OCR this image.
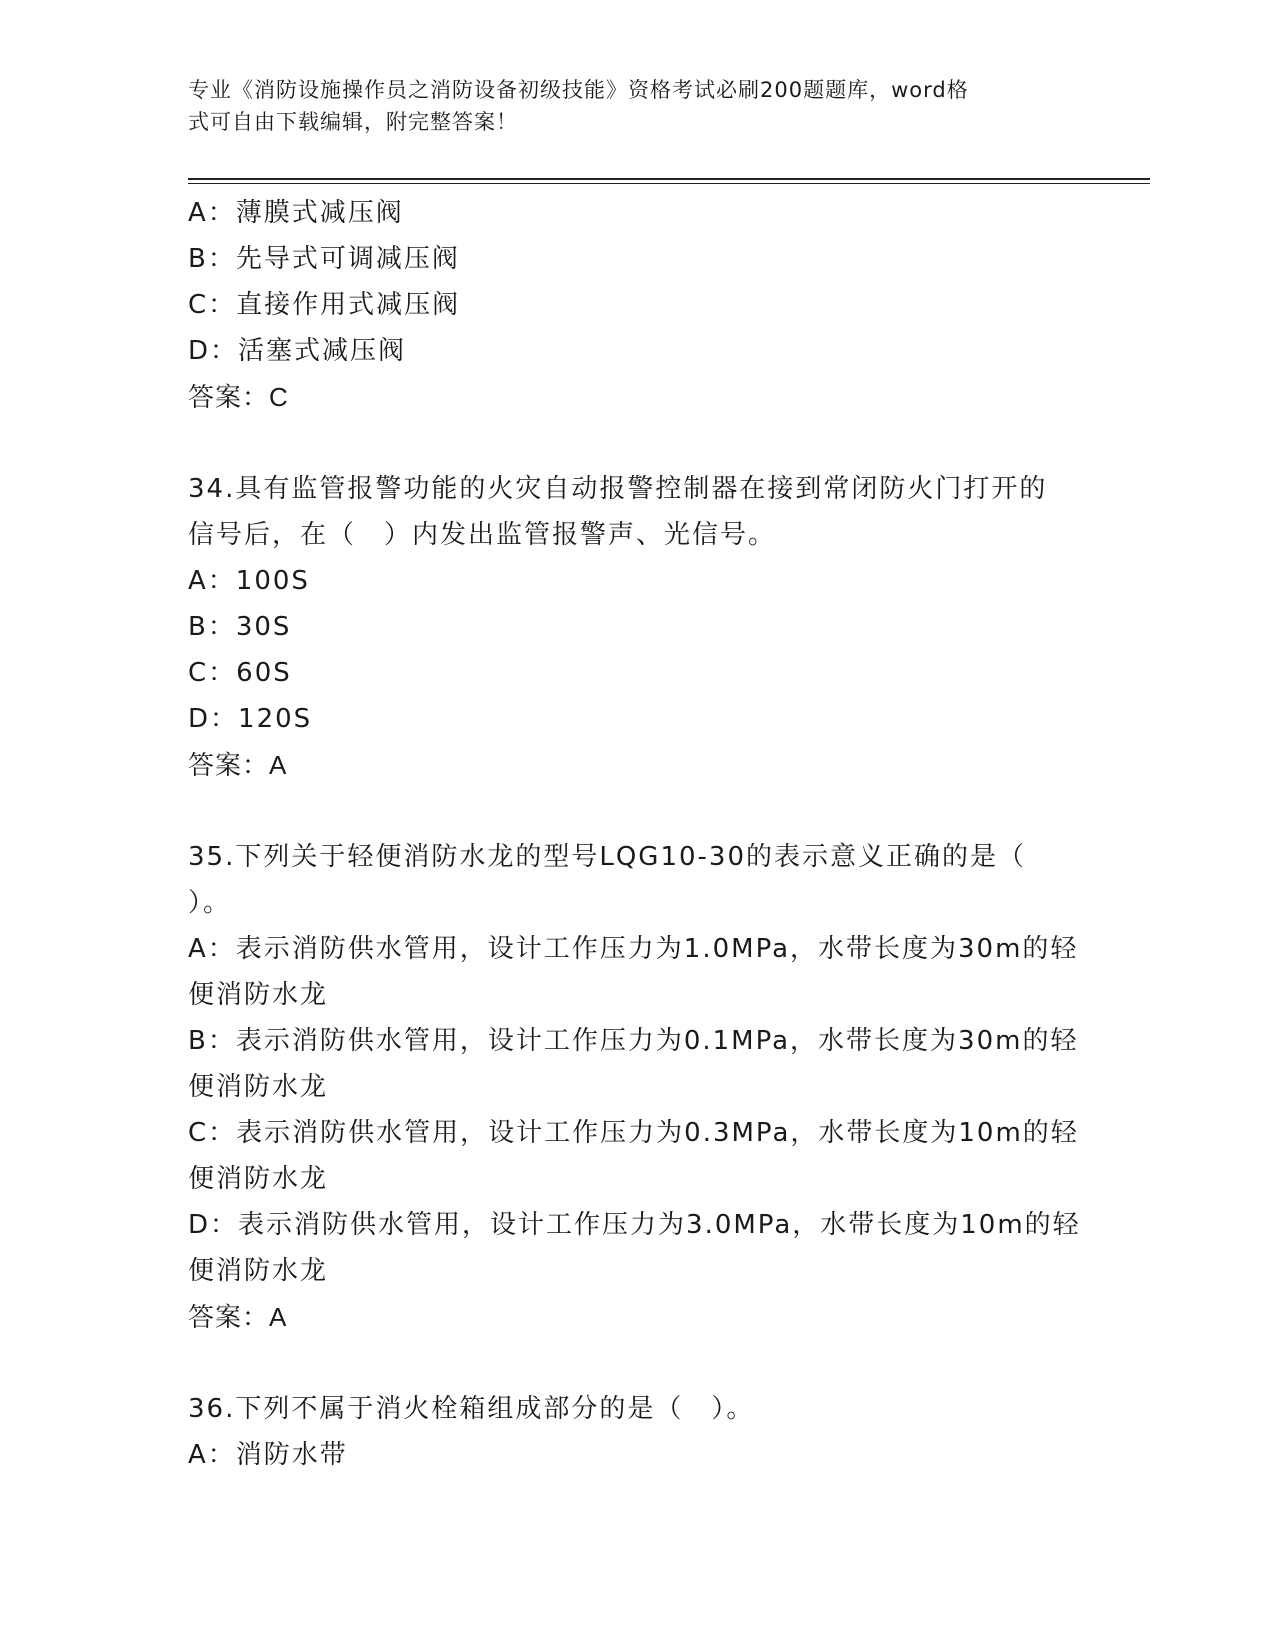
专业《消防设施操作员之消防设备初级技能》资格考试必刷200题题库，word格
式可自由下载编辑，附完整答案！
A：薄膜式减压阀
B：先导式可调减压阀
C：直接作用式减压阀
D：活塞式减压阀
答案：C
34.具有监管报警功能的火灾自动报警控制器在接到常闭防火门打开的
信号后，在（　）内发出监管报警声、光信号。
A：100S
B：30S
C：60S
D：120S
答案：A
35.下列关于轻便消防水龙的型号LQG10-30的表示意义正确的是（
）。
A：表示消防供水管用，设计工作压力为1.0MPa，水带长度为30m的轻
便消防水龙
B：表示消防供水管用，设计工作压力为0.1MPa，水带长度为30m的轻
便消防水龙
C：表示消防供水管用，设计工作压力为0.3MPa，水带长度为10m的轻
便消防水龙
D：表示消防供水管用，设计工作压力为3.0MPa，水带长度为10m的轻
便消防水龙
答案：A
36.下列不属于消火栓箱组成部分的是（　）。
A：消防水带
